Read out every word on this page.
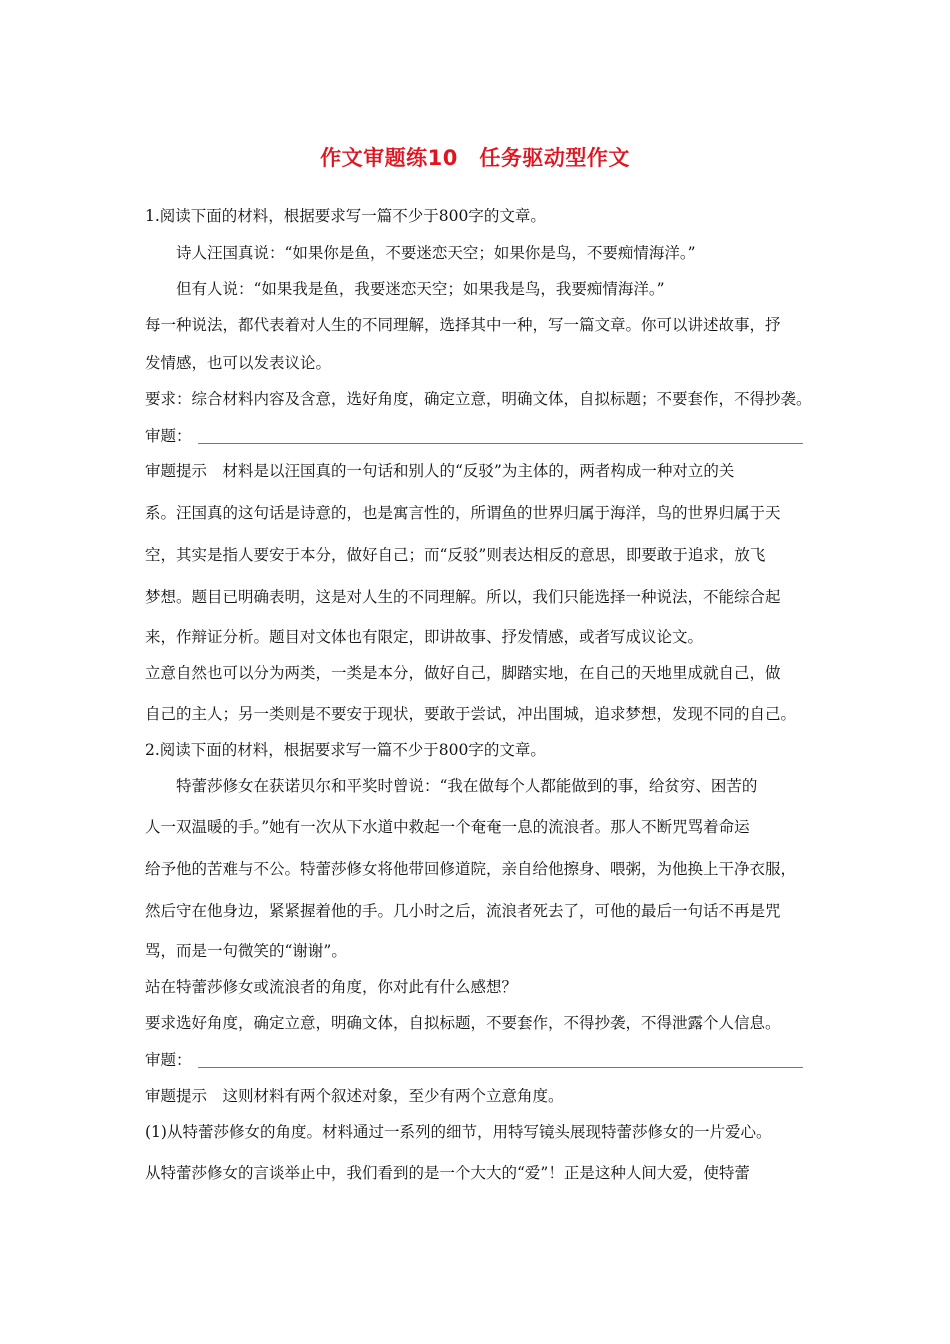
作文审题练10　任务驱动型作文
1.阅读下面的材料，根据要求写一篇不少于800字的文章。
诗人汪国真说：“如果你是鱼，不要迷恋天空；如果你是鸟，不要痴情海洋。”
但有人说：“如果我是鱼，我要迷恋天空；如果我是鸟，我要痴情海洋。”
每一种说法，都代表着对人生的不同理解，选择其中一种，写一篇文章。你可以讲述故事，抒
发情感，也可以发表议论。
要求：综合材料内容及含意，选好角度，确定立意，明确文体，自拟标题；不要套作，不得抄袭。
审题：
审题提示　材料是以汪国真的一句话和别人的“反驳”为主体的，两者构成一种对立的关
系。汪国真的这句话是诗意的，也是寓言性的，所谓鱼的世界归属于海洋，鸟的世界归属于天
空，其实是指人要安于本分，做好自己；而“反驳”则表达相反的意思，即要敢于追求，放飞
梦想。题目已明确表明，这是对人生的不同理解。所以，我们只能选择一种说法，不能综合起
来，作辩证分析。题目对文体也有限定，即讲故事、抒发情感，或者写成议论文。
立意自然也可以分为两类，一类是本分，做好自己，脚踏实地，在自己的天地里成就自己，做
自己的主人；另一类则是不要安于现状，要敢于尝试，冲出围城，追求梦想，发现不同的自己。
2.阅读下面的材料，根据要求写一篇不少于800字的文章。
特蕾莎修女在获诺贝尔和平奖时曾说：“我在做每个人都能做到的事，给贫穷、困苦的
人一双温暖的手。”她有一次从下水道中救起一个奄奄一息的流浪者。那人不断咒骂着命运
给予他的苦难与不公。特蕾莎修女将他带回修道院，亲自给他擦身、喂粥，为他换上干净衣服，
然后守在他身边，紧紧握着他的手。几小时之后，流浪者死去了，可他的最后一句话不再是咒
骂，而是一句微笑的“谢谢”。
站在特蕾莎修女或流浪者的角度，你对此有什么感想？
要求选好角度，确定立意，明确文体，自拟标题，不要套作，不得抄袭，不得泄露个人信息。
审题：
审题提示　这则材料有两个叙述对象，至少有两个立意角度。
(1)从特蕾莎修女的角度。材料通过一系列的细节，用特写镜头展现特蕾莎修女的一片爱心。
从特蕾莎修女的言谈举止中，我们看到的是一个大大的“爱”！正是这种人间大爱，使特蕾
